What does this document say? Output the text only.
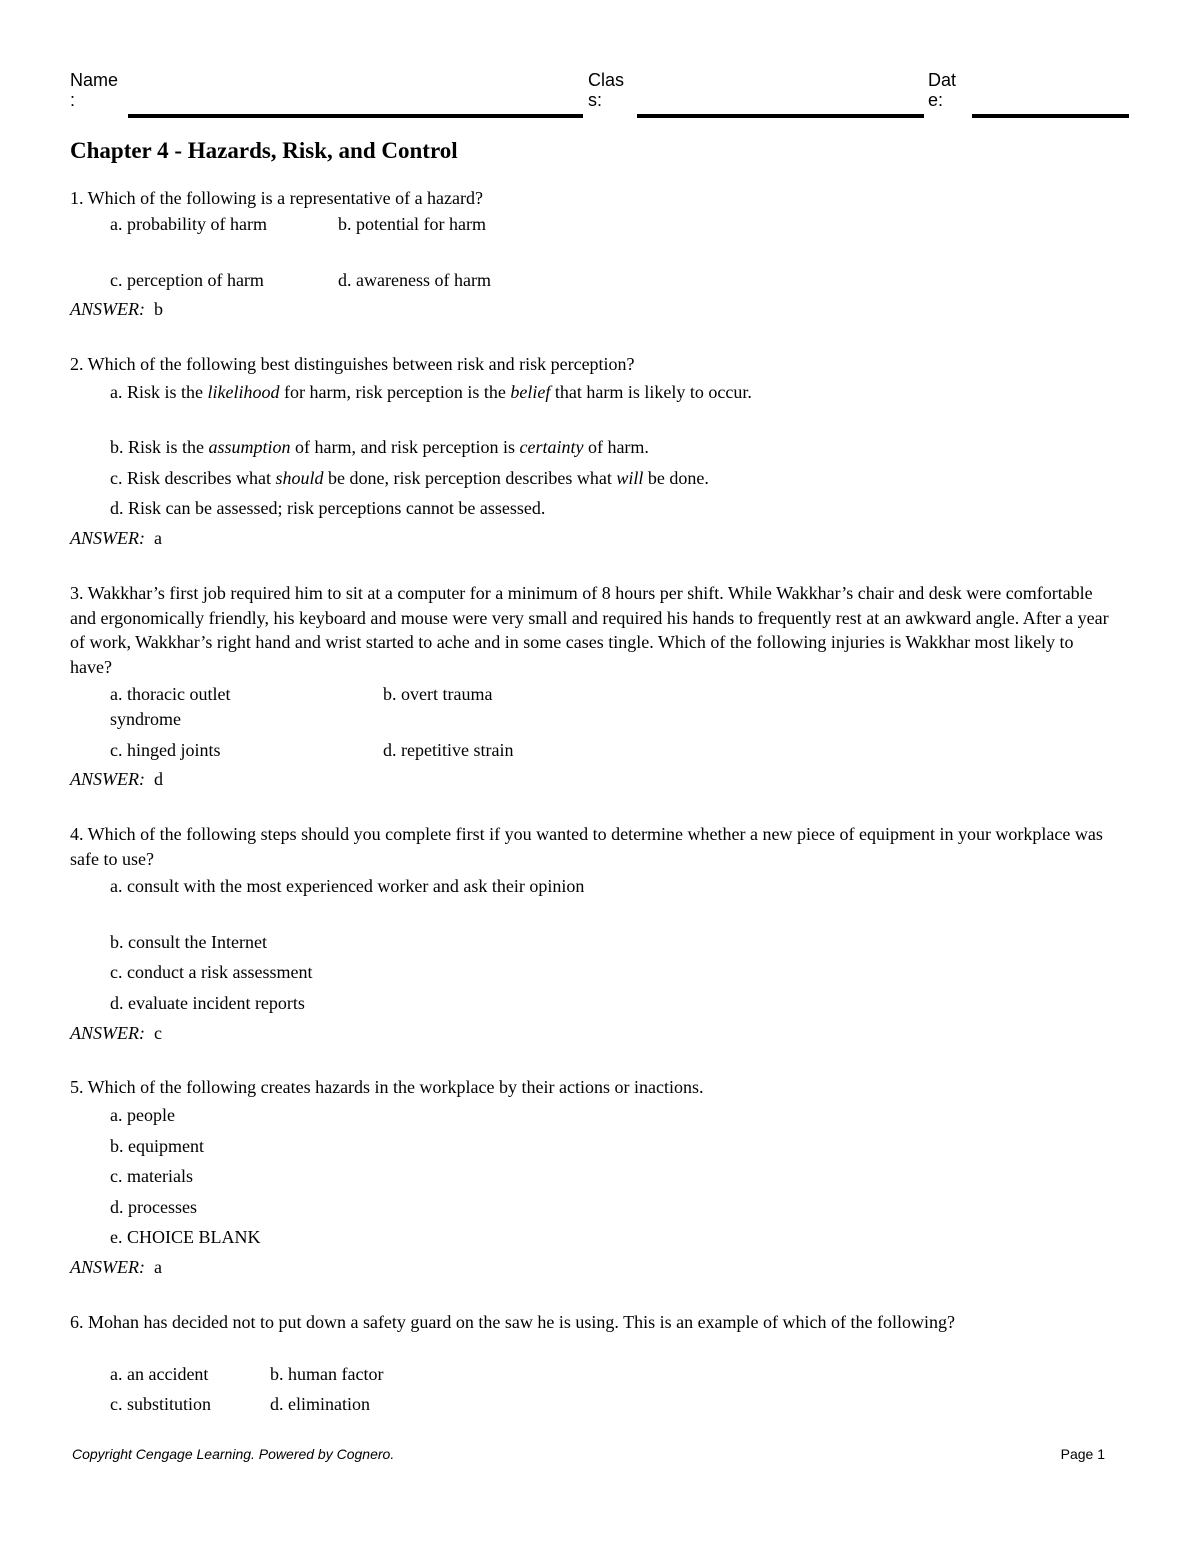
Name
:
Clas
s:
Dat
e:
Chapter 4 - Hazards, Risk, and Control
1. Which of the following is a representative of a hazard?
a. probability of harm	b. potential for harm
c. perception of harm	d. awareness of harm
ANSWER: b
2. Which of the following best distinguishes between risk and risk perception?
a. Risk is the likelihood for harm, risk perception is the belief that harm is likely to occur.
b. Risk is the assumption of harm, and risk perception is certainty of harm.
c. Risk describes what should be done, risk perception describes what will be done.
d. Risk can be assessed; risk perceptions cannot be assessed.
ANSWER: a
3. Wakkhar’s first job required him to sit at a computer for a minimum of 8 hours per shift. While Wakkhar’s chair and desk were comfortable and ergonomically friendly, his keyboard and mouse were very small and required his hands to frequently rest at an awkward angle. After a year of work, Wakkhar’s right hand and wrist started to ache and in some cases tingle. Which of the following injuries is Wakkhar most likely to have?
a. thoracic outlet syndrome
b. overt trauma
c. hinged joints	d. repetitive strain
ANSWER: d
4. Which of the following steps should you complete first if you wanted to determine whether a new piece of equipment in your workplace was safe to use?
a. consult with the most experienced worker and ask their opinion
b. consult the Internet
c. conduct a risk assessment
d. evaluate incident reports
ANSWER: c
5. Which of the following creates hazards in the workplace by their actions or inactions.
a. people
b. equipment
c. materials
d. processes
e. CHOICE BLANK
ANSWER: a
6. Mohan has decided not to put down a safety guard on the saw he is using. This is an example of which of the following?
a. an accident	b. human factor
c. substitution	d. elimination
Copyright Cengage Learning. Powered by Cognero.	Page 1
